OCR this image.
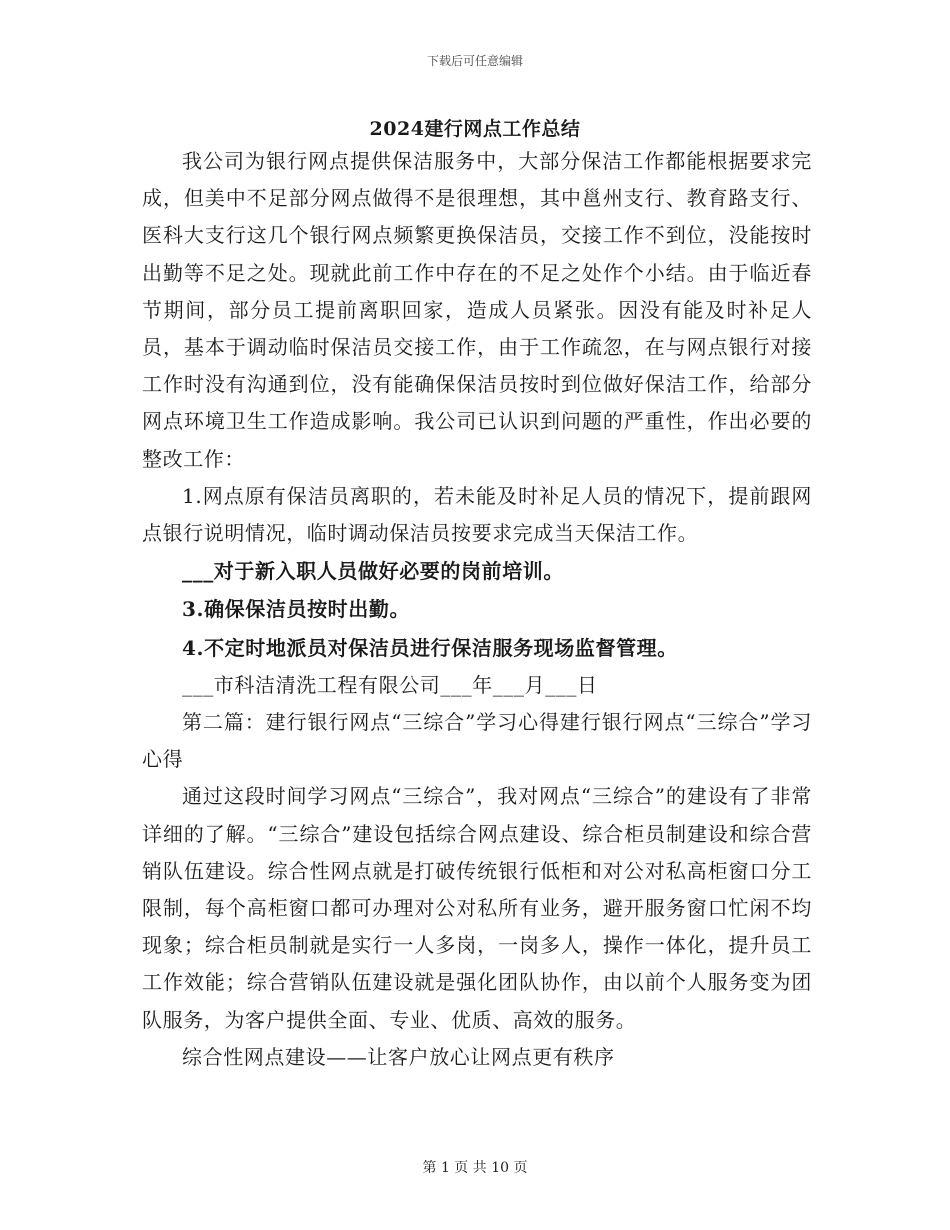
下载后可任意编辑
2024建行网点工作总结

我公司为银行网点提供保洁服务中，大部分保洁工作都能根据要求完成，但美中不足部分网点做得不是很理想，其中邕州支行、教育路支行、医科大支行这几个银行网点频繁更换保洁员，交接工作不到位，没能按时出勤等不足之处。现就此前工作中存在的不足之处作个小结。由于临近春节期间，部分员工提前离职回家，造成人员紧张。因没有能及时补足人员，基本于调动临时保洁员交接工作，由于工作疏忽，在与网点银行对接工作时没有沟通到位，没有能确保保洁员按时到位做好保洁工作，给部分网点环境卫生工作造成影响。我公司已认识到问题的严重性，作出必要的整改工作：

1.网点原有保洁员离职的，若未能及时补足人员的情况下，提前跟网点银行说明情况，临时调动保洁员按要求完成当天保洁工作。

___对于新入职人员做好必要的岗前培训。

3.确保保洁员按时出勤。

4.不定时地派员对保洁员进行保洁服务现场监督管理。

___市科洁清洗工程有限公司___年___月___日

第二篇：建行银行网点“三综合”学习心得建行银行网点“三综合”学习心得

通过这段时间学习网点“三综合”，我对网点“三综合”的建设有了非常详细的了解。“三综合”建设包括综合网点建设、综合柜员制建设和综合营销队伍建设。综合性网点就是打破传统银行低柜和对公对私高柜窗口分工限制，每个高柜窗口都可办理对公对私所有业务，避开服务窗口忙闲不均现象；综合柜员制就是实行一人多岗，一岗多人，操作一体化，提升员工工作效能；综合营销队伍建设就是强化团队协作，由以前个人服务变为团队服务，为客户提供全面、专业、优质、高效的服务。

综合性网点建设——让客户放心让网点更有秩序

第 1 页 共 10 页
